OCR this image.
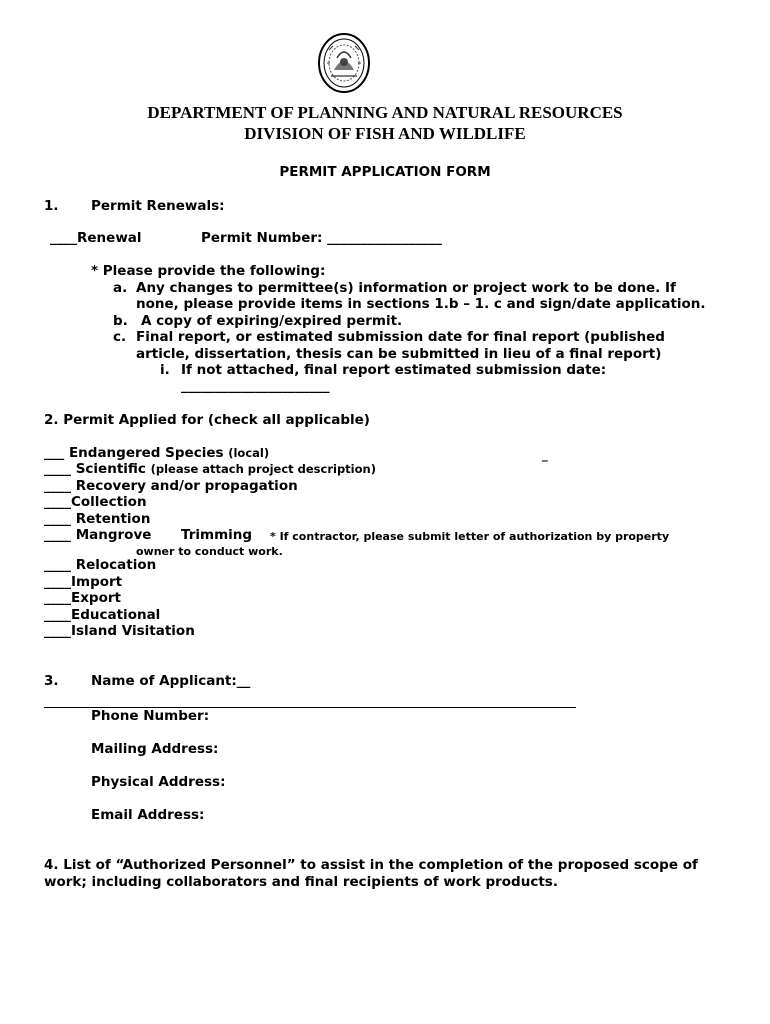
DEPARTMENT OF PLANNING AND NATURAL RESOURCES
DIVISION OF FISH AND WILDLIFE
PERMIT APPLICATION FORM
1. Permit Renewals:
____Renewal	Permit Number: _________________
* Please provide the following:
a. Any changes to permittee(s) information or project work to be done. If
none, please provide items in sections 1.b – 1. c and sign/date application.
b. A copy of expiring/expired permit.
c. Final report, or estimated submission date for final report (published
article, dissertation, thesis can be submitted in lieu of a final report)
i. If not attached, final report estimated submission date:
______________________
2. Permit Applied for (check all applicable)
___ Endangered Species (local)	_
____ Scientific (please attach project description)
____ Recovery and/or propagation
____Collection
____ Retention
____ Mangrove Trimming * If contractor, please submit letter of authorization by property
owner to conduct work.
____ Relocation
____Import
____Export
____Educational
____Island Visitation
3. Name of Applicant:__
Phone Number:
Mailing Address:
Physical Address:
Email Address:
4. List of “Authorized Personnel” to assist in the completion of the proposed scope of
work; including collaborators and final recipients of work products.
